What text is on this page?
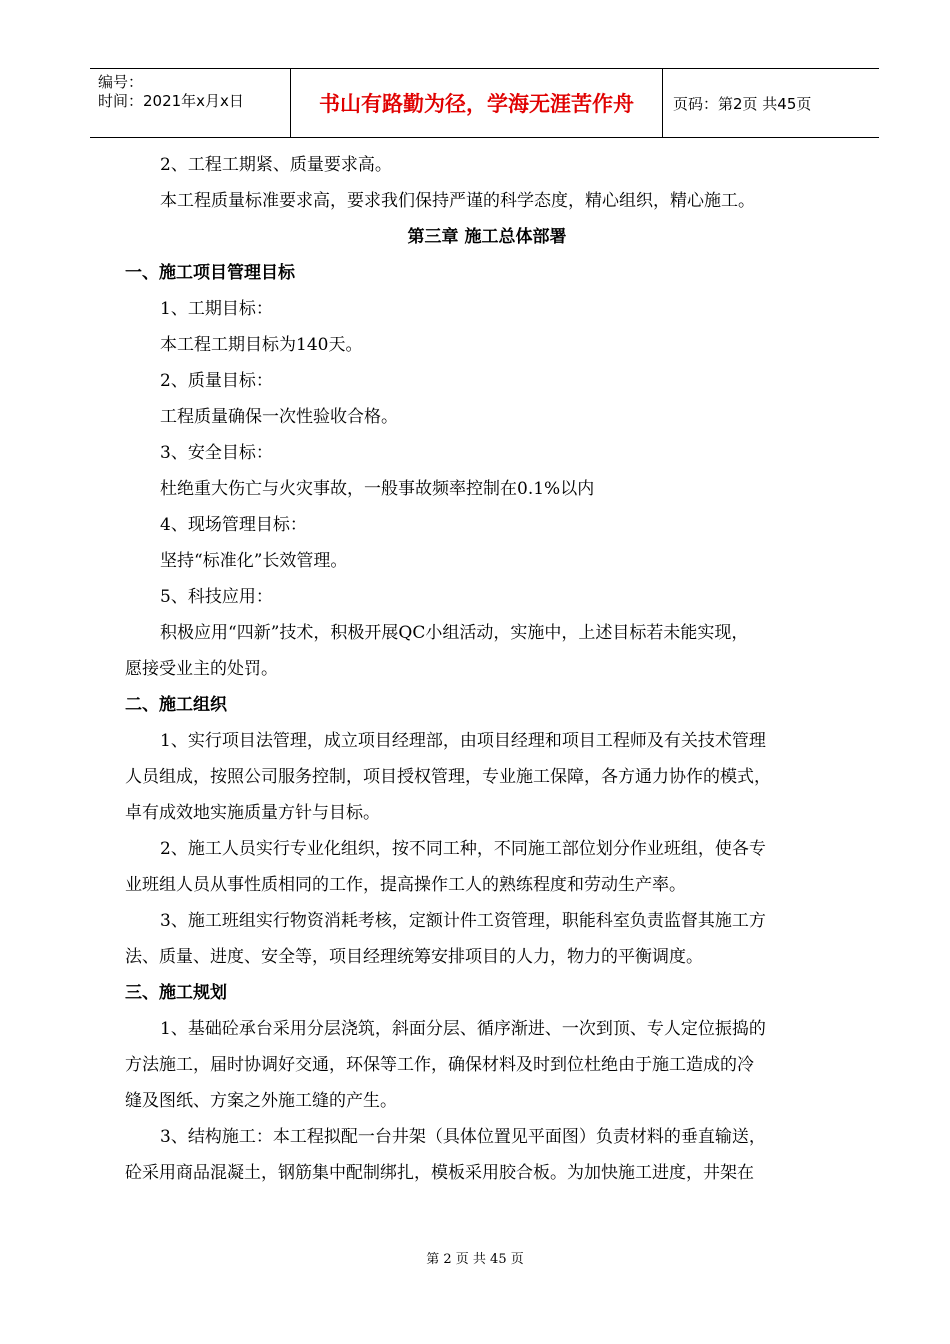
编号：
时间：2021年x月x日	书山有路勤为径，学海无涯苦作舟	页码：第2页 共45页
2、工程工期紧、质量要求高。
本工程质量标准要求高，要求我们保持严谨的科学态度，精心组织，精心施工。
第三章 施工总体部署
一、施工项目管理目标
1、工期目标：
本工程工期目标为140天。
2、质量目标：
工程质量确保一次性验收合格。
3、安全目标：
杜绝重大伤亡与火灾事故，一般事故频率控制在0.1%以内
4、现场管理目标：
坚持“标准化”长效管理。
5、科技应用：
积极应用“四新”技术，积极开展QC小组活动，实施中，上述目标若未能实现，
愿接受业主的处罚。
二、施工组织
1、实行项目法管理，成立项目经理部，由项目经理和项目工程师及有关技术管理
人员组成，按照公司服务控制，项目授权管理，专业施工保障，各方通力协作的模式，
卓有成效地实施质量方针与目标。
2、施工人员实行专业化组织，按不同工种，不同施工部位划分作业班组，使各专
业班组人员从事性质相同的工作，提高操作工人的熟练程度和劳动生产率。
3、施工班组实行物资消耗考核，定额计件工资管理，职能科室负责监督其施工方
法、质量、进度、安全等，项目经理统筹安排项目的人力，物力的平衡调度。
三、施工规划
1、基础砼承台采用分层浇筑，斜面分层、循序渐进、一次到顶、专人定位振捣的
方法施工，届时协调好交通，环保等工作，确保材料及时到位杜绝由于施工造成的冷
缝及图纸、方案之外施工缝的产生。
3、结构施工：本工程拟配一台井架（具体位置见平面图）负责材料的垂直输送，
砼采用商品混凝土，钢筋集中配制绑扎，模板采用胶合板。为加快施工进度，井架在
第 2 页 共 45 页
